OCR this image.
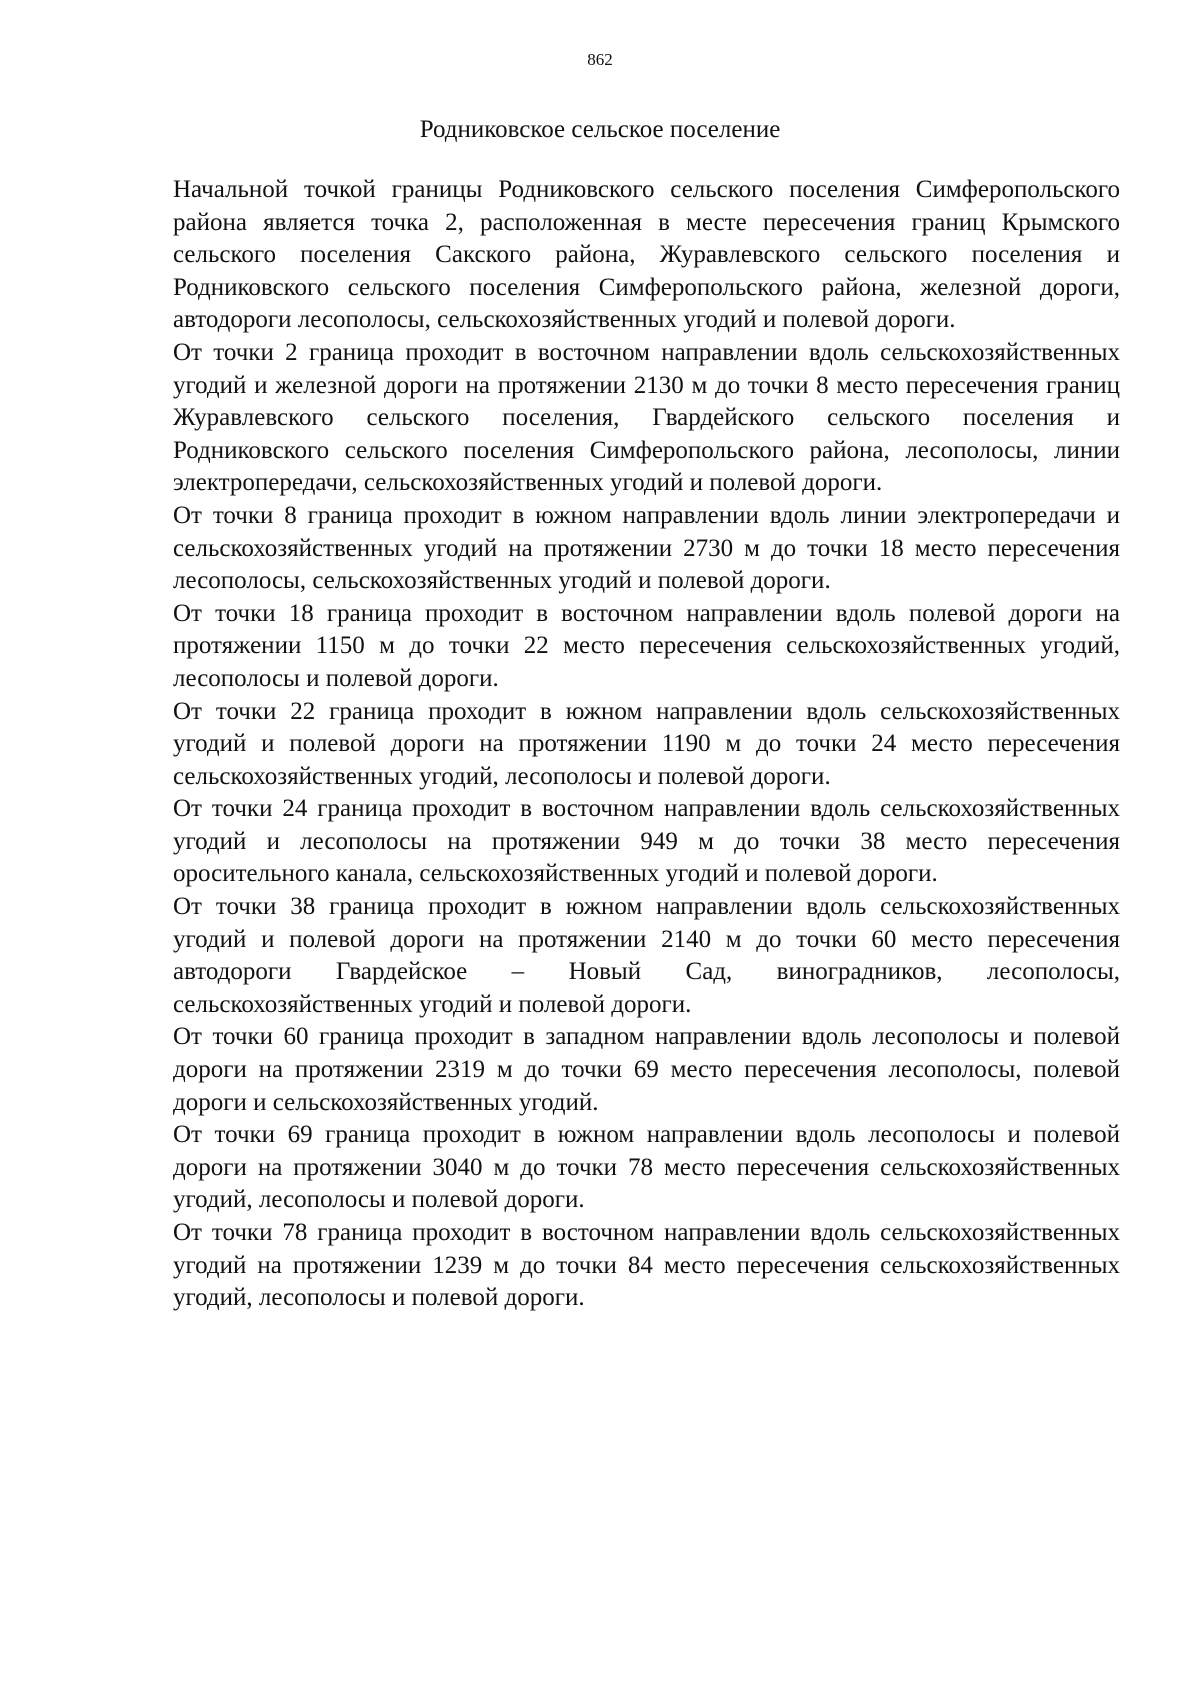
862
Родниковское сельское поселение

Начальной точкой границы Родниковского сельского поселения Симферопольского района является точка 2, расположенная в месте пересечения границ Крымского сельского поселения Сакского района, Журавлевского сельского поселения и Родниковского сельского поселения Симферопольского района, железной дороги, автодороги лесополосы, сельскохозяйственных угодий и полевой дороги.

От точки 2 граница проходит в восточном направлении вдоль сельскохозяйственных угодий и железной дороги на протяжении 2130 м до точки 8 место пересечения границ Журавлевского сельского поселения, Гвардейского сельского поселения и Родниковского сельского поселения Симферопольского района, лесополосы, линии электропередачи, сельскохозяйственных угодий и полевой дороги.

От точки 8 граница проходит в южном направлении вдоль линии электропередачи и сельскохозяйственных угодий на протяжении 2730 м до точки 18 место пересечения лесополосы, сельскохозяйственных угодий и полевой дороги.

От точки 18 граница проходит в восточном направлении вдоль полевой дороги на протяжении 1150 м до точки 22 место пересечения сельскохозяйственных угодий, лесополосы и полевой дороги.

От точки 22 граница проходит в южном направлении вдоль сельскохозяйственных угодий и полевой дороги на протяжении 1190 м до точки 24 место пересечения сельскохозяйственных угодий, лесополосы и полевой дороги.

От точки 24 граница проходит в восточном направлении вдоль сельскохозяйственных угодий и лесополосы на протяжении 949 м до точки 38 место пересечения оросительного канала, сельскохозяйственных угодий и полевой дороги.

От точки 38 граница проходит в южном направлении вдоль сельскохозяйственных угодий и полевой дороги на протяжении 2140 м до точки 60 место пересечения автодороги Гвардейское – Новый Сад, виноградников, лесополосы, сельскохозяйственных угодий и полевой дороги.

От точки 60 граница проходит в западном направлении вдоль лесополосы и полевой дороги на протяжении 2319 м до точки 69 место пересечения лесополосы, полевой дороги и сельскохозяйственных угодий.

От точки 69 граница проходит в южном направлении вдоль лесополосы и полевой дороги на протяжении 3040 м до точки 78 место пересечения сельскохозяйственных угодий, лесополосы и полевой дороги.

От точки 78 граница проходит в восточном направлении вдоль сельскохозяйственных угодий на протяжении 1239 м до точки 84 место пересечения сельскохозяйственных угодий, лесополосы и полевой дороги.
